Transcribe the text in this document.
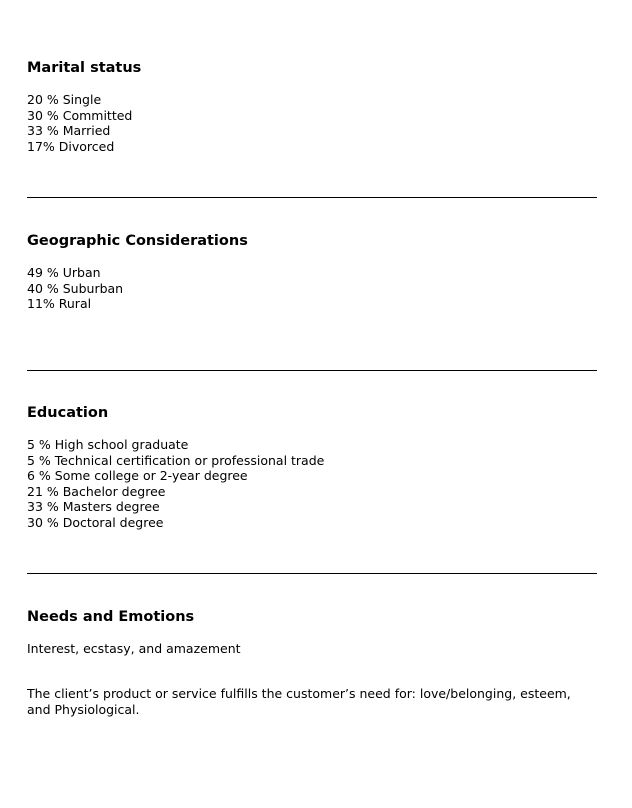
Marital status
20 % Single
30 % Committed
33 % Married
17% Divorced
Geographic Considerations
49 % Urban
40 % Suburban
11% Rural
Education
5 % High school graduate
5 % Technical certification or professional trade
6 % Some college or 2-year degree
21 % Bachelor degree
33 % Masters degree
30 % Doctoral degree
Needs and Emotions
Interest, ecstasy, and amazement
The client’s product or service fulfills the customer’s need for: love/belonging, esteem, and Physiological.
